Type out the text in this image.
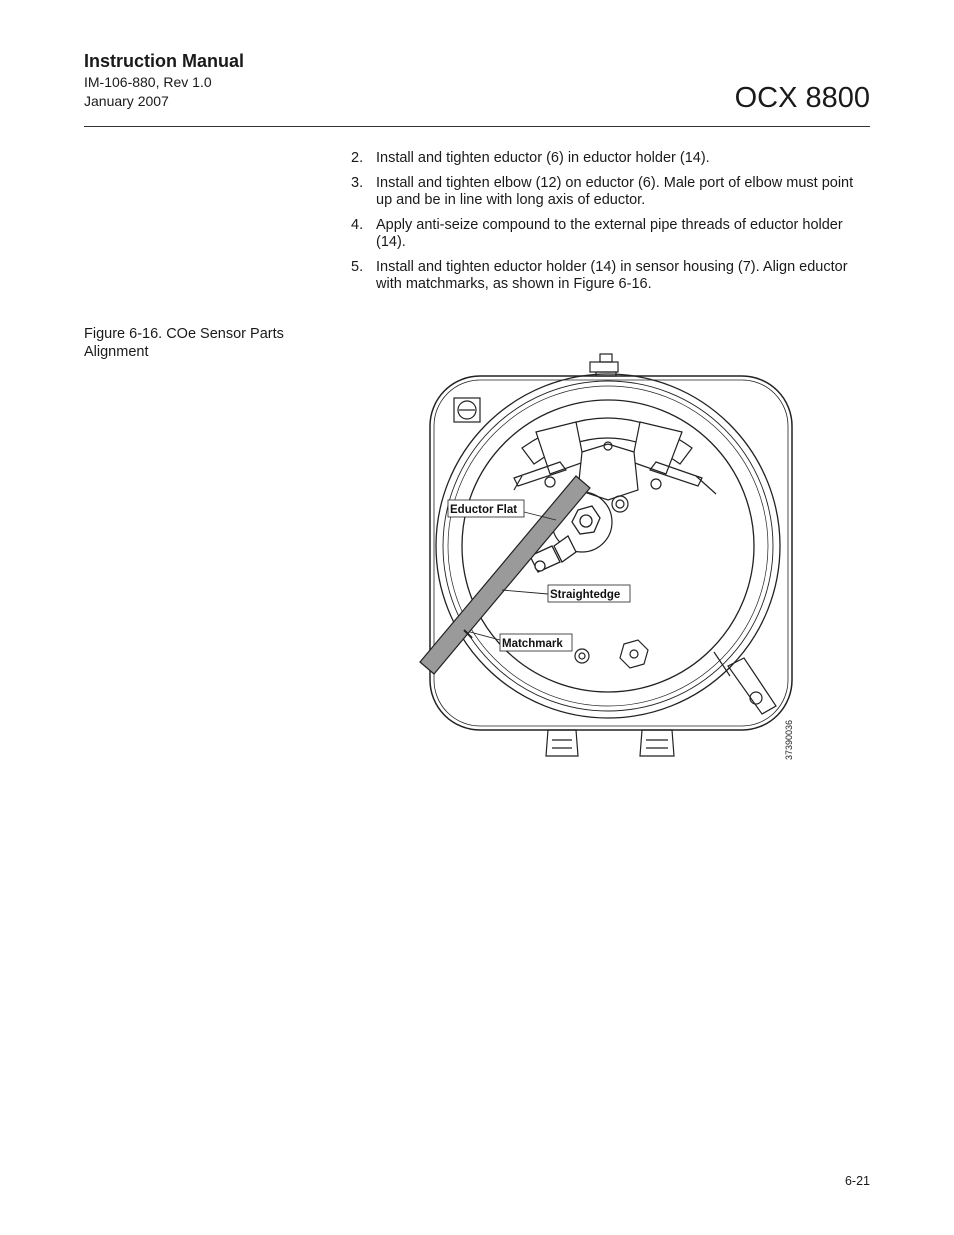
Instruction Manual
IM-106-880, Rev 1.0
January 2007	OCX 8800
2. Install and tighten eductor (6) in eductor holder (14).
3. Install and tighten elbow (12) on eductor (6). Male port of elbow must point up and be in line with long axis of eductor.
4. Apply anti-seize compound to the external pipe threads of eductor holder (14).
5. Install and tighten eductor holder (14) in sensor housing (7). Align eductor with matchmarks, as shown in Figure 6-16.
Figure 6-16. COe Sensor Parts Alignment
Eductor Flat
Straightedge
Matchmark
37390036
6-21
